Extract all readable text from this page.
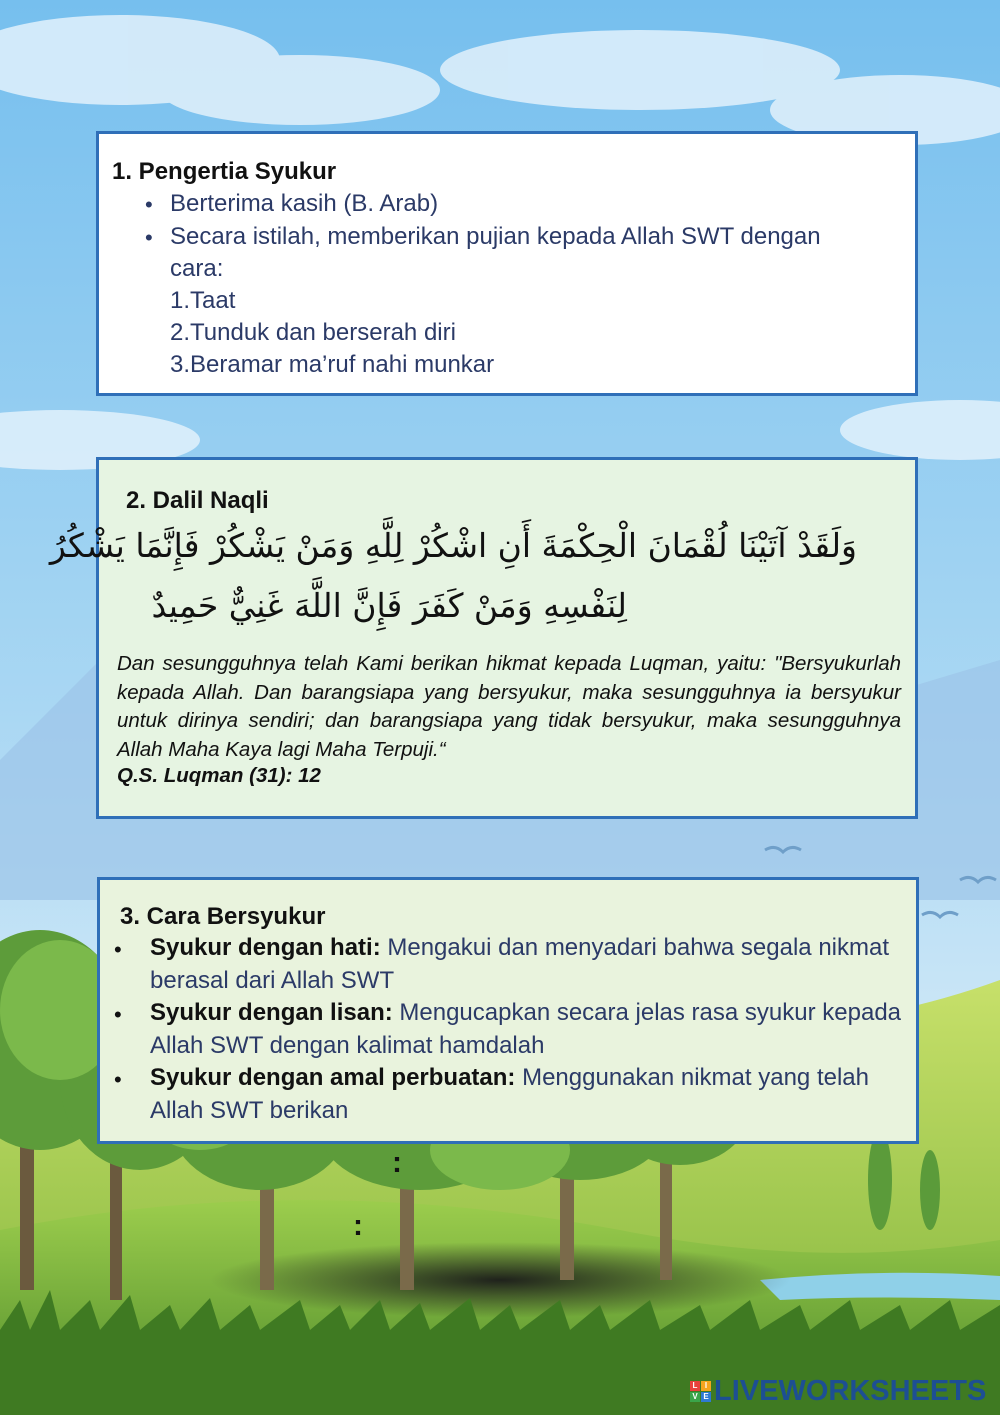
1. Pengertia Syukur
• Berterima kasih (B. Arab)
• Secara istilah, memberikan pujian kepada Allah SWT dengan
cara:
1.Taat
2.Tunduk dan berserah diri
3.Beramar ma’ruf nahi munkar
2. Dalil Naqli
وَلَقَدْ آتَيْنَا لُقْمَانَ الْحِكْمَةَ أَنِ اشْكُرْ لِلَّهِ وَمَنْ يَشْكُرْ فَإِنَّمَا يَشْكُرُ
لِنَفْسِهِ وَمَنْ كَفَرَ فَإِنَّ اللَّهَ غَنِيٌّ حَمِيدٌ
Dan sesungguhnya telah Kami berikan hikmat kepada Luqman, yaitu: "Bersyukurlah kepada Allah. Dan barangsiapa yang bersyukur, maka sesungguhnya ia bersyukur untuk dirinya sendiri; dan barangsiapa yang tidak bersyukur, maka sesungguhnya Allah Maha Kaya lagi Maha Terpuji.“
Q.S. Luqman (31): 12
3. Cara Bersyukur
• Syukur dengan hati: Mengakui dan menyadari bahwa segala nikmat berasal dari Allah SWT
• Syukur dengan lisan: Mengucapkan secara jelas rasa syukur kepada Allah SWT dengan kalimat hamdalah
• Syukur dengan amal perbuatan: Menggunakan nikmat yang telah Allah SWT berikan
:
:
L I
V E LIVEWORKSHEETS
